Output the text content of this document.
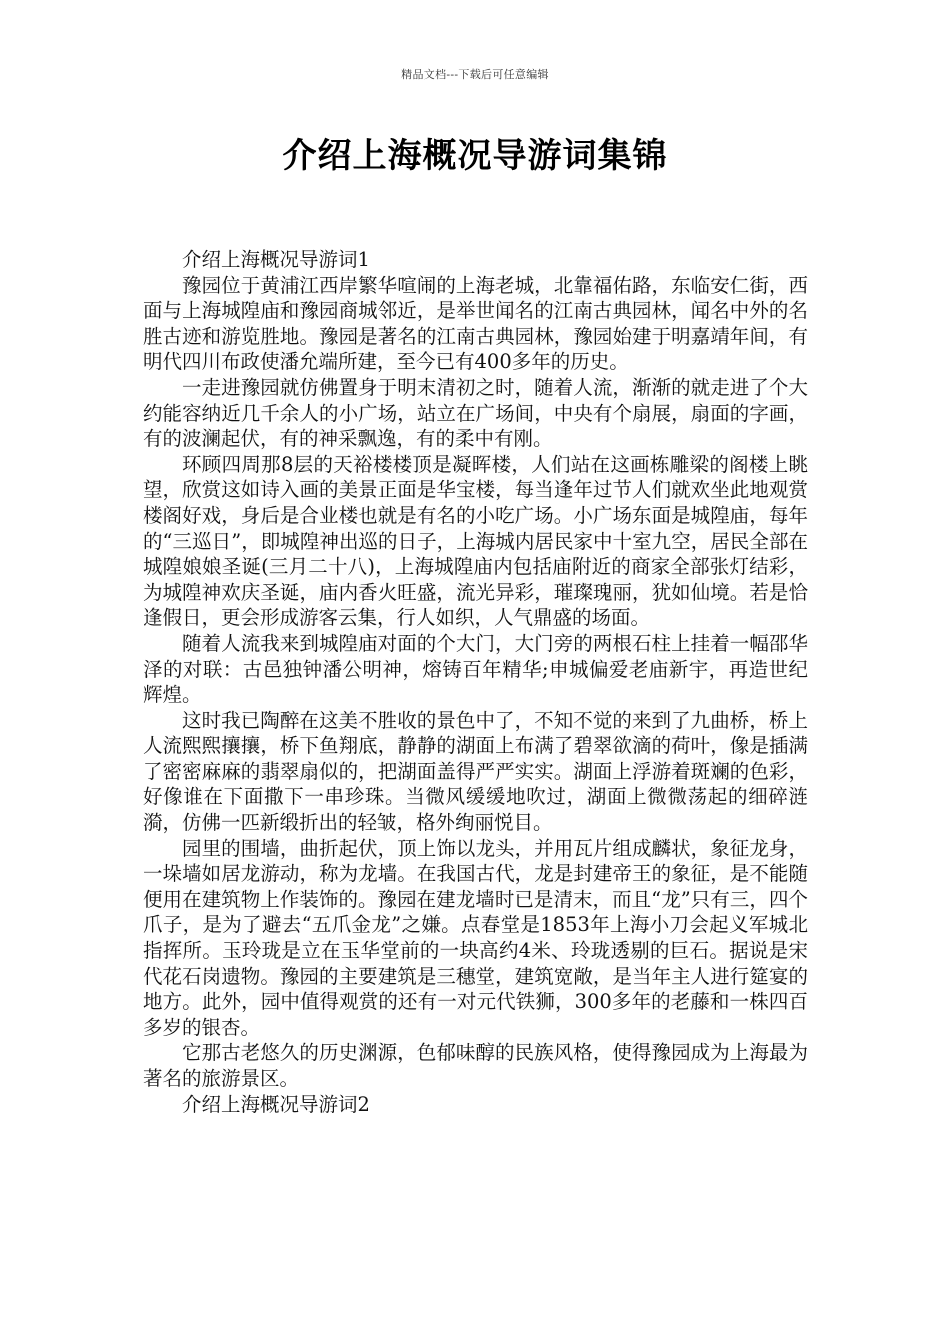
精品文档---下载后可任意编辑
介绍上海概况导游词集锦

介绍上海概况导游词1

豫园位于黄浦江西岸繁华喧闹的上海老城，北靠福佑路，东临安仁街，西面与上海城隍庙和豫园商城邻近，是举世闻名的江南古典园林，闻名中外的名胜古迹和游览胜地。豫园是著名的江南古典园林，豫园始建于明嘉靖年间，有明代四川布政使潘允端所建，至今已有400多年的历史。

一走进豫园就仿佛置身于明末清初之时，随着人流，渐渐的就走进了个大约能容纳近几千余人的小广场，站立在广场间，中央有个扇展，扇面的字画，有的波澜起伏，有的神采飘逸，有的柔中有刚。

环顾四周那8层的天裕楼楼顶是凝晖楼，人们站在这画栋雕梁的阁楼上眺望，欣赏这如诗入画的美景正面是华宝楼，每当逢年过节人们就欢坐此地观赏楼阁好戏，身后是合业楼也就是有名的小吃广场。小广场东面是城隍庙，每年的“三巡日”，即城隍神出巡的日子，上海城内居民家中十室九空，居民全部在城隍娘娘圣诞(三月二十八)，上海城隍庙内包括庙附近的商家全部张灯结彩，为城隍神欢庆圣诞，庙内香火旺盛，流光异彩，璀璨瑰丽，犹如仙境。若是恰逢假日，更会形成游客云集，行人如织，人气鼎盛的场面。

随着人流我来到城隍庙对面的个大门，大门旁的两根石柱上挂着一幅邵华泽的对联：古邑独钟潘公明神，熔铸百年精华;申城偏爱老庙新宇，再造世纪辉煌。

这时我已陶醉在这美不胜收的景色中了，不知不觉的来到了九曲桥，桥上人流熙熙攘攘，桥下鱼翔底，静静的湖面上布满了碧翠欲滴的荷叶，像是插满了密密麻麻的翡翠扇似的，把湖面盖得严严实实。湖面上浮游着斑斓的色彩，好像谁在下面撒下一串珍珠。当微风缓缓地吹过，湖面上微微荡起的细碎涟漪，仿佛一匹新缎折出的轻皱，格外绚丽悦目。

园里的围墙，曲折起伏，顶上饰以龙头，并用瓦片组成麟状，象征龙身，一垛墙如居龙游动，称为龙墙。在我国古代，龙是封建帝王的象征，是不能随便用在建筑物上作装饰的。豫园在建龙墙时已是清末，而且“龙”只有三，四个爪子，是为了避去“五爪金龙”之嫌。点春堂是1853年上海小刀会起义军城北指挥所。玉玲珑是立在玉华堂前的一块高约4米、玲珑透剔的巨石。据说是宋代花石岗遗物。豫园的主要建筑是三穗堂，建筑宽敞，是当年主人进行筵宴的地方。此外，园中值得观赏的还有一对元代铁狮，300多年的老藤和一株四百多岁的银杏。

它那古老悠久的历史渊源，色郁味醇的民族风格，使得豫园成为上海最为著名的旅游景区。

介绍上海概况导游词2
